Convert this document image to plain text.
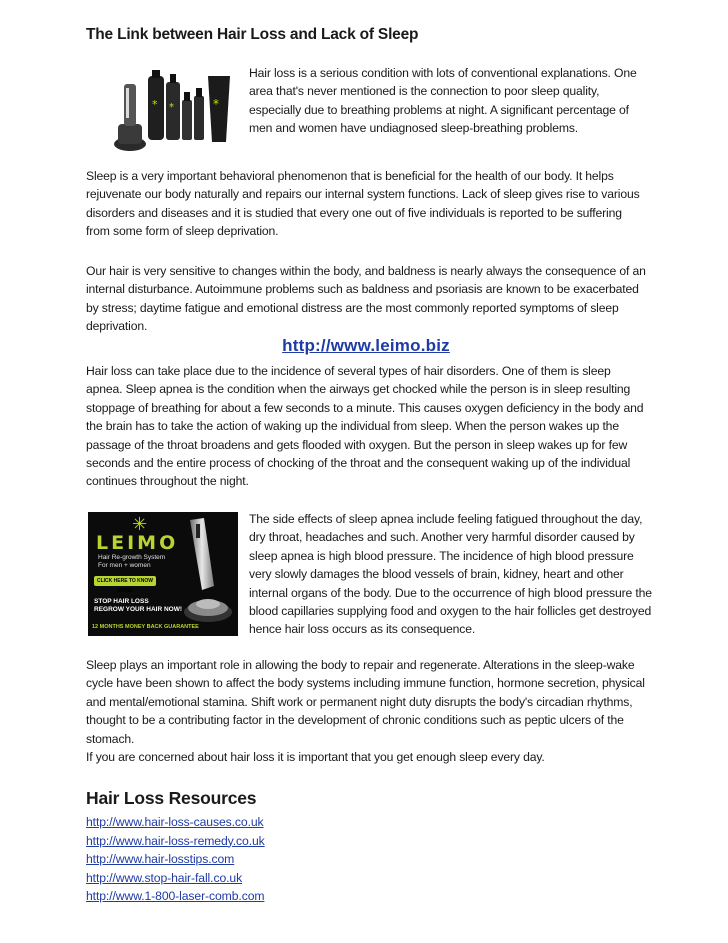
The Link between Hair Loss and Lack of Sleep
* *	*

Hair loss is a serious condition with lots of conventional explanations. One area that's never mentioned is the connection to poor sleep quality, especially due to breathing problems at night. A significant percentage of men and women have undiagnosed sleep-breathing problems.

Sleep is a very important behavioral phenomenon that is beneficial for the health of our body. It helps rejuvenate our body naturally and repairs our internal system functions. Lack of sleep gives rise to various disorders and diseases and it is studied that every one out of five individuals is reported to be suffering from some form of sleep deprivation.

Our hair is very sensitive to changes within the body, and baldness is nearly always the consequence of an internal disturbance. Autoimmune problems such as baldness and psoriasis are known to be exacerbated by stress; daytime fatigue and emotional distress are the most commonly reported symptoms of sleep deprivation.

http://www.leimo.biz

Hair loss can take place due to the incidence of several types of hair disorders. One of them is sleep apnea. Sleep apnea is the condition when the airways get chocked while the person is in sleep resulting stoppage of breathing for about a few seconds to a minute. This causes oxygen deficiency in the body and the brain has to take the action of waking up the individual from sleep. When the person wakes up the passage of the throat broadens and gets flooded with oxygen. But the person in sleep wakes up for few seconds and the entire process of chocking of the throat and the consequent waking up of the individual continues throughout the night.

✳
LEIMO
Hair Re-growth System
For men + women
CLICK HERE TO KNOW MORE
STOP HAIR LOSS
REGROW YOUR HAIR NOW!
12 MONTHS MONEY BACK GUARANTEE

The side effects of sleep apnea include feeling fatigued throughout the day, dry throat, headaches and such. Another very harmful disorder caused by sleep apnea is high blood pressure. The incidence of high blood pressure very slowly damages the blood vessels of brain, kidney, heart and other internal organs of the body. Due to the occurrence of high blood pressure the blood capillaries supplying food and oxygen to the hair follicles get destroyed hence hair loss occurs as its consequence.

Sleep plays an important role in allowing the body to repair and regenerate. Alterations in the sleep-wake cycle have been shown to affect the body systems including immune function, hormone secretion, physical and mental/emotional stamina. Shift work or permanent night duty disrupts the body's circadian rhythms, thought to be a contributing factor in the development of chronic conditions such as peptic ulcers of the stomach.

If you are concerned about hair loss it is important that you get enough sleep every day.

Hair Loss Resources
http://www.hair-loss-causes.co.uk
http://www.hair-loss-remedy.co.uk
http://www.hair-losstips.com
http://www.stop-hair-fall.co.uk
http://www.1-800-laser-comb.com
